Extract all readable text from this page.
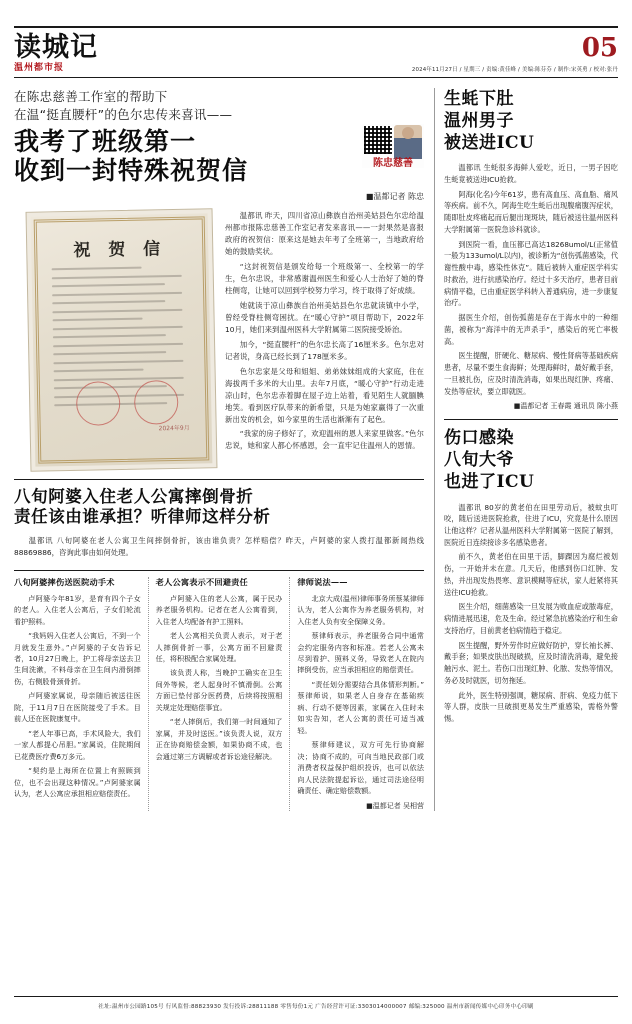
读城记
温州都市报
05
2024年11月27日 / 星期三 / 责编:黄佳峰 / 美编:陈芬芬 / 制作:宋英勇 / 校对:张丹
在陈忠慈善工作室的帮助下
在温“挺直腰杆”的色尔忠传来喜讯——
我考了班级第一
收到一封特殊祝贺信	陈忠慈善
■温都记者 陈忠
祝 贺 信
2024年9月

温都讯 昨天，四川省凉山彝族自治州美姑县色尔忠给温州都市报陈忠慈善工作室记者发来喜讯——一封果然是喜报政府的祝贺信：原来这是她去年考了全班第一，当地政府给她的鼓励奖状。

“这封祝贺信是颁发给每一个班级第一、全校第一的学生，色尔忠说，非常感谢温州医生和爱心人士治好了她的脊柱侧弯，让她可以回到学校努力学习，终于取得了好成绩。

她就读于凉山彝族自治州美姑县色尔忠就读镇中小学，曾经受脊柱侧弯困扰。在“暖心守护”项目帮助下，2022年10月，她们来到温州医科大学附属第二医院接受矫治。

加今，“挺直腰杆”的色尔忠长高了16厘米多。色尔忠对记者说，身高已经长到了178厘米多。

色尔忠家是父母和姐姐、弟弟妹妹组成的大家庭，住在海拔两千多米的大山里。去年7月底，“暖心守护”行动走进凉山时，色尔忠赤着脚在屋子边上站着，看见陌生人就腼腆地笑。看到医疗队带来的新希望，只是为她家赢得了一次重新出发的机会，如今家里的生活也渐渐有了起色。

“我家的房子修好了，欢迎温州的恩人来家里做客。”色尔忠说，她和家人都心怀感恩，会一直牢记住温州人的恩情。

八旬阿婆入住老人公寓摔倒骨折
责任该由谁承担？听律师这样分析

温都讯 八旬阿婆在老人公寓卫生间摔倒骨折，该由谁负责？怎样赔偿？昨天，卢阿婆的家人拨打温都新闻热线88869886，咨询此事由如何处理。

八旬阿婆摔伤送医院动手术

卢阿婆今年81岁，是育有四个子女的老人。入住老人公寓后，子女们轮流看护照料。

“我妈妈入住老人公寓后，不到一个月就发生意外。”卢阿婆的子女告诉记者，10月27日晚上，护工将母亲送去卫生间洗漱，不料母亲在卫生间内滑倒摔伤，右侧股骨颈骨折。

卢阿婆家属说，母亲随后被送往医院，于11月7日在医院接受了手术。目前人还在医院康复中。

“老人年事已高，手术风险大，我们一家人都提心吊胆。”家属说，住院期间已花费医疗费6万多元。

“契约是上海所在位置上有照顾到位，也不会出现这种情况。”卢阿婆家属认为，老人公寓应承担相应赔偿责任。

老人公寓表示不回避责任

卢阿婆入住的老人公寓，属于民办养老服务机构。记者在老人公寓看到，入住老人均配备有护工照料。

老人公寓相关负责人表示，对于老人摔倒骨折一事，公寓方面不回避责任，将积极配合家属处理。

该负责人称，当晚护工确实在卫生间外等候，老人起身时不慎滑倒。公寓方面已垫付部分医药费，后续将按照相关规定处理赔偿事宜。

“老人摔倒后，我们第一时间通知了家属，并及时送医。”该负责人说，双方正在协商赔偿金额，如果协商不成，也会通过第三方调解或者诉讼途径解决。

律师说法——

北京大成(温州)律师事务所蔡某律师认为，老人公寓作为养老服务机构，对入住老人负有安全保障义务。

蔡律师表示，养老服务合同中通常会约定服务内容和标准。若老人公寓未尽到看护、照料义务，导致老人在院内摔倒受伤，应当承担相应的赔偿责任。

“责任划分需要结合具体情形判断。”蔡律师说，如果老人自身存在基础疾病、行动不便等因素，家属在入住时未如实告知，老人公寓的责任可适当减轻。

蔡律师建议，双方可先行协商解决；协商不成的，可向当地民政部门或消费者权益保护组织投诉，也可以依法向人民法院提起诉讼，通过司法途径明确责任、确定赔偿数额。

■温都记者 吴相营
生蚝下肚
温州男子
被送进ICU

温都讯 生蚝很多海鲜人爱吃，近日，一男子因吃生蚝竟被送进ICU抢救。

阿海(化名)今年61岁，患有高血压、高血脂、痛风等疾病。前不久，阿海生吃生蚝后出现腹痛腹泻症状，随即肚皮疼痛起而后腿出现斑块，随后被送往温州医科大学附属第一医院急诊科就诊。

到医院一看，血压都已高达18268umol/L(正常值一般为133umol/L以内)，被诊断为“创伤弧菌感染，代谢性酸中毒，感染性休克”。随后被转入重症医学科实时救治，进行抗感染治疗。经过十多天治疗，患者目前病情平稳，已由重症医学科转入普通病房，进一步康复治疗。

据医生介绍，创伤弧菌是存在于海水中的一种细菌，被称为“海洋中的无声杀手”，感染后的死亡率极高。

医生提醒，肝硬化、糖尿病、慢性肾病等基础疾病患者，尽量不要生食海鲜；处理海鲜时，最好戴手套，一旦被扎伤，应及时清洗消毒，如果出现红肿、疼痛、发热等症状，要立即就医。

■温都记者 王春霞 通讯员 陈小燕
伤口感染
八旬大爷
也进了ICU

温都讯 80岁的黄老伯在田里劳动后，被蚊虫叮咬，随后送进医院抢救，住进了ICU，究竟是什么原因让他这样？记者从温州医科大学附属第一医院了解到，医院近日连续接诊多名感染患者。

前不久，黄老伯在田里干活，脚踝因为腐烂被划伤，一开始并未在意。几天后，他感到伤口红肿、发热，并出现发热畏寒、意识模糊等症状，家人赶紧将其送往ICU抢救。

医生介绍，细菌感染一旦发展为败血症或脓毒症，病情进展迅速，危及生命。经过紧急抗感染治疗和生命支持治疗，目前黄老伯病情趋于稳定。

医生提醒，野外劳作时应做好防护，穿长袖长裤、戴手套；如果皮肤出现破损，应及时清洗消毒，避免接触污水、泥土。若伤口出现红肿、化脓、发热等情况，务必及时就医，切勿拖延。

此外，医生特别强调，糖尿病、肝病、免疫力低下等人群，皮肤一旦破损更易发生严重感染，需格外警惕。

社址:温州市公园路105号 行风监督:88823930 发行投诉:28811188 零售每份1元 广告经营许可证:3303014000007 邮编:325000 温州市新闻传媒中心印务中心印刷
